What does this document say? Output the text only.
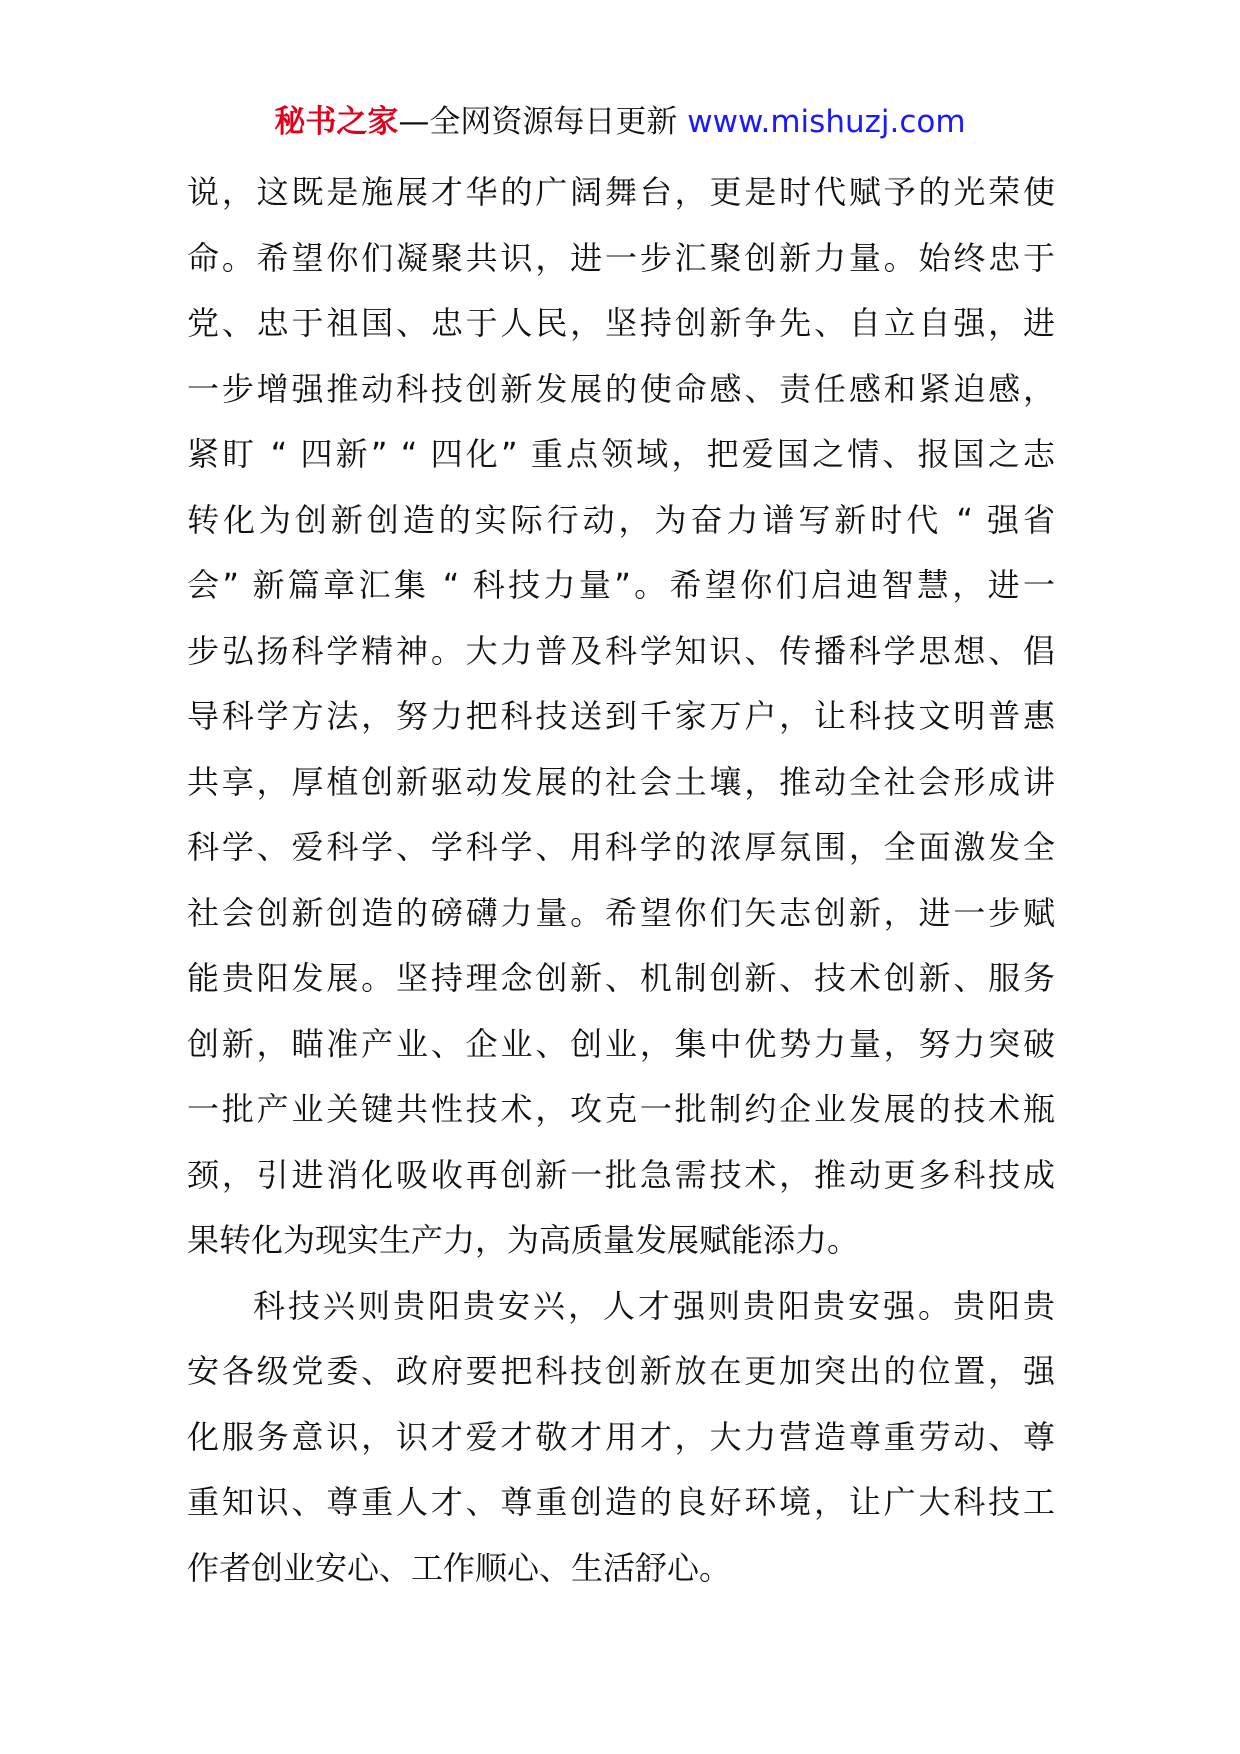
秘书之家—全网资源每日更新 www.mishuzj.com
说，这既是施展才华的广阔舞台，更是时代赋予的光荣使
命。希望你们凝聚共识，进一步汇聚创新力量。始终忠于
党、忠于祖国、忠于人民，坚持创新争先、自立自强，进
一步增强推动科技创新发展的使命感、责任感和紧迫感，
紧盯 “ 四新” “ 四化” 重点领域，把爱国之情、报国之志
转化为创新创造的实际行动，为奋力谱写新时代 “ 强省
会” 新篇章汇集 “ 科技力量”。希望你们启迪智慧，进一
步弘扬科学精神。大力普及科学知识、传播科学思想、倡
导科学方法，努力把科技送到千家万户，让科技文明普惠
共享，厚植创新驱动发展的社会土壤，推动全社会形成讲
科学、爱科学、学科学、用科学的浓厚氛围，全面激发全
社会创新创造的磅礴力量。希望你们矢志创新，进一步赋
能贵阳发展。坚持理念创新、机制创新、技术创新、服务
创新，瞄准产业、企业、创业，集中优势力量，努力突破
一批产业关键共性技术，攻克一批制约企业发展的技术瓶
颈，引进消化吸收再创新一批急需技术，推动更多科技成
果转化为现实生产力，为高质量发展赋能添力。
科技兴则贵阳贵安兴，人才强则贵阳贵安强。贵阳贵
安各级党委、政府要把科技创新放在更加突出的位置，强
化服务意识，识才爱才敬才用才，大力营造尊重劳动、尊
重知识、尊重人才、尊重创造的良好环境，让广大科技工
作者创业安心、工作顺心、生活舒心。
